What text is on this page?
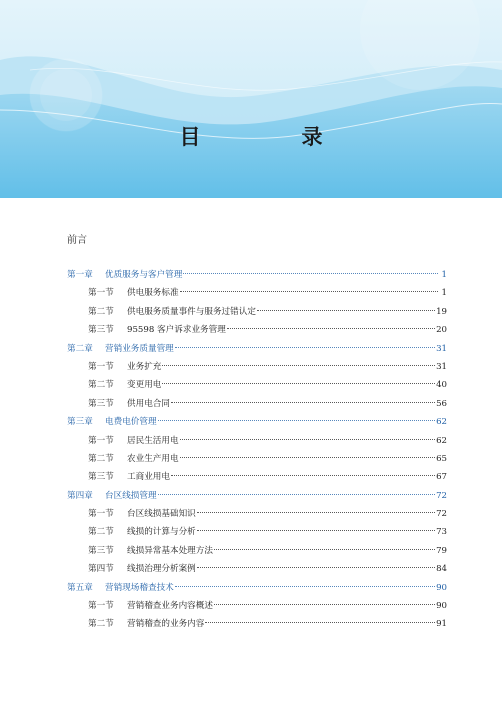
目　录
前言
第一章	优质服务与客户管理	1
第一节	供电服务标准	1
第二节	供电服务质量事件与服务过错认定	19
第三节	95598 客户诉求业务管理	20
第二章	营销业务质量管理	31
第一节	业务扩充	31
第二节	变更用电	40
第三节	供用电合同	56
第三章	电费电价管理	62
第一节	居民生活用电	62
第二节	农业生产用电	65
第三节	工商业用电	67
第四章	台区线损管理	72
第一节	台区线损基础知识	72
第二节	线损的计算与分析	73
第三节	线损异常基本处理方法	79
第四节	线损治理分析案例	84
第五章	营销现场稽查技术	90
第一节	营销稽查业务内容概述	90
第二节	营销稽查的业务内容	91
